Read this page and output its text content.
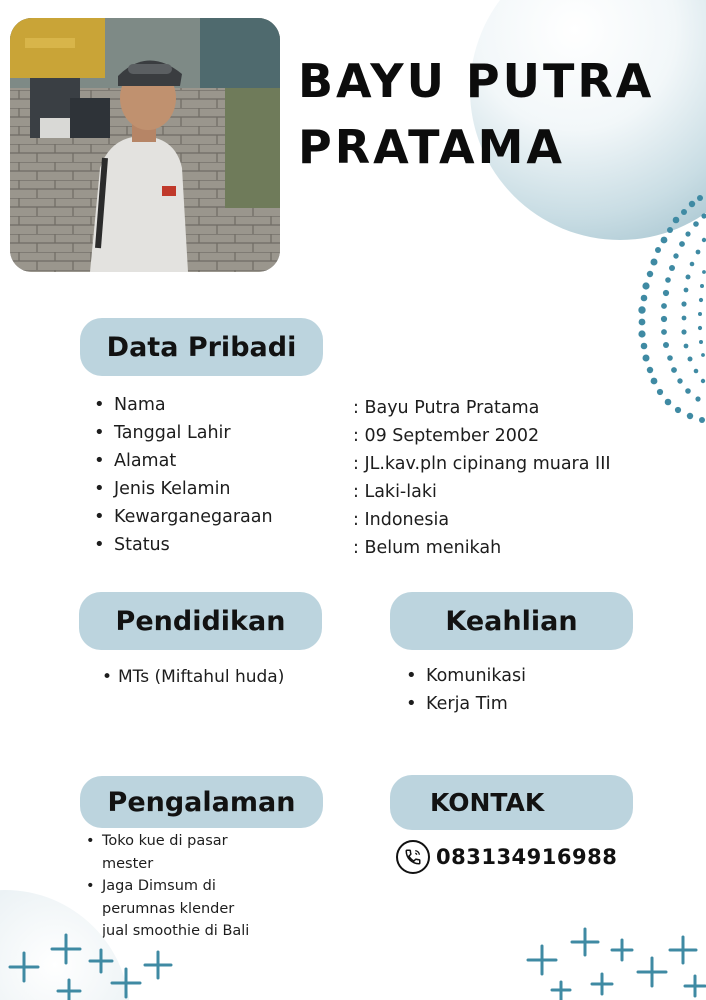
BAYU PUTRA
PRATAMA
Data Pribadi
• Nama
• Tanggal Lahir
• Alamat
• Jenis Kelamin
• Kewarganegaraan
• Status
: Bayu Putra Pratama
: 09 September 2002
: JL.kav.pln cipinang muara III
: Laki-laki
: Indonesia
: Belum menikah
Pendidikan
• MTs (Miftahul huda)
Keahlian
• Komunikasi
• Kerja Tim
Pengalaman
• Toko kue di pasar mester
• Jaga Dimsum di perumnas klender
• jual smoothie di Bali
KONTAK
083134916988
